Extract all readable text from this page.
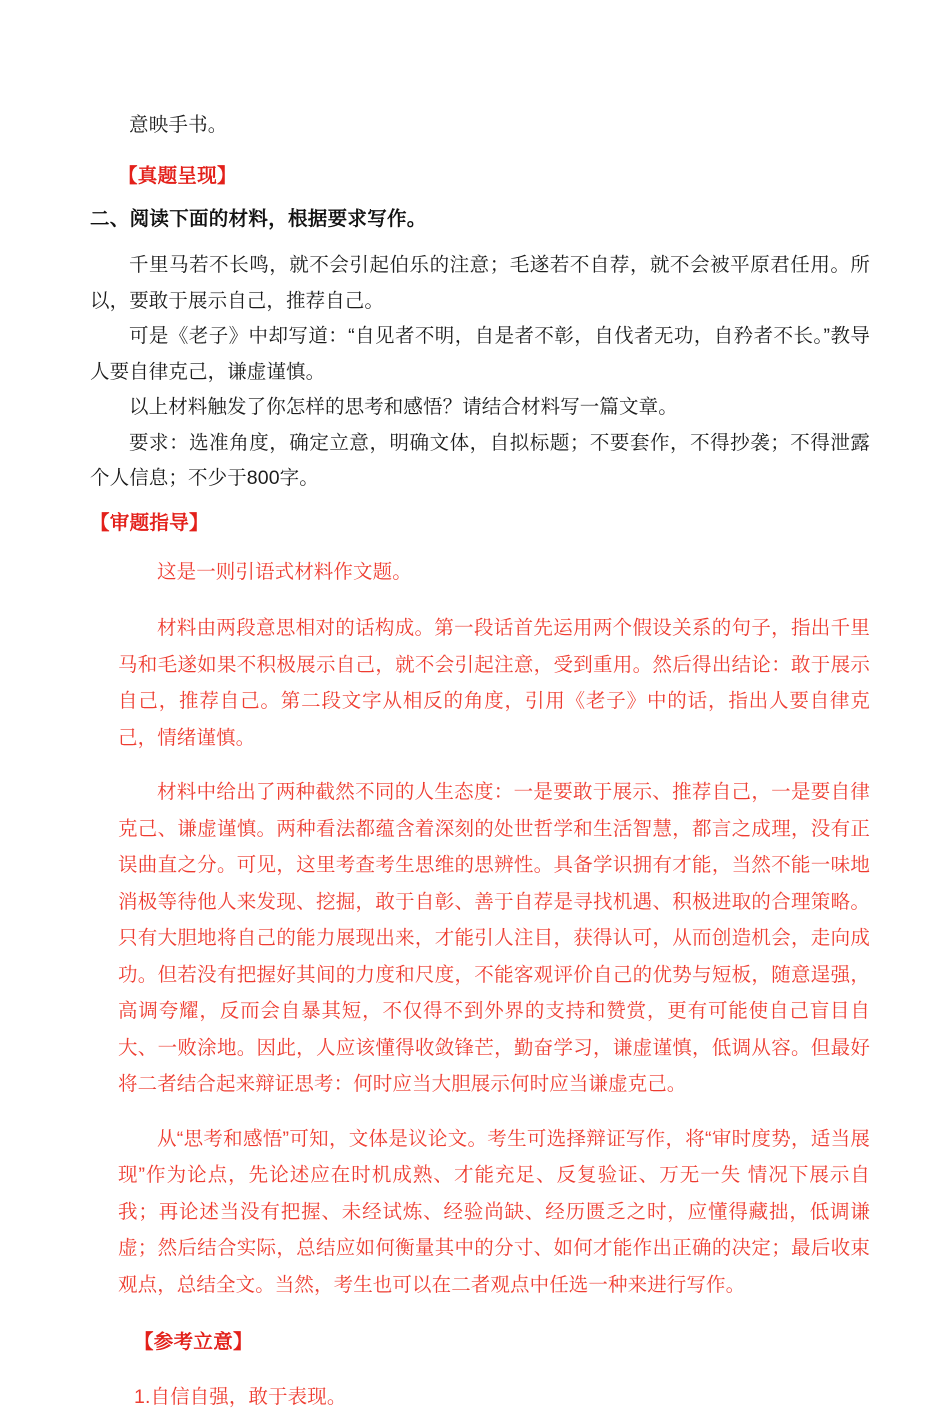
意映手书。

【真题呈现】

二、阅读下面的材料，根据要求写作。

千里马若不长鸣，就不会引起伯乐的注意；毛遂若不自荐，就不会被平原君任用。所以，要敢于展示自己，推荐自己。

可是《老子》中却写道：“自见者不明，自是者不彰，自伐者无功，自矜者不长。”教导人要自律克己，谦虚谨慎。

以上材料触发了你怎样的思考和感悟？请结合材料写一篇文章。

要求：选准角度，确定立意，明确文体，自拟标题；不要套作，不得抄袭；不得泄露个人信息；不少于800字。

【审题指导】

这是一则引语式材料作文题。

材料由两段意思相对的话构成。第一段话首先运用两个假设关系的句子，指出千里马和毛遂如果不积极展示自己，就不会引起注意，受到重用。然后得出结论：敢于展示自己，推荐自己。第二段文字从相反的角度，引用《老子》中的话，指出人要自律克己，情绪谨慎。

材料中给出了两种截然不同的人生态度：一是要敢于展示、推荐自己，一是要自律克己、谦虚谨慎。两种看法都蕴含着深刻的处世哲学和生活智慧，都言之成理，没有正误曲直之分。可见，这里考查考生思维的思辨性。具备学识拥有才能，当然不能一味地消极等待他人来发现、挖掘，敢于自彰、善于自荐是寻找机遇、积极进取的合理策略。只有大胆地将自己的能力展现出来，才能引人注目，获得认可，从而创造机会，走向成功。但若没有把握好其间的力度和尺度，不能客观评价自己的优势与短板，随意逞强，高调夸耀，反而会自暴其短，不仅得不到外界的支持和赞赏，更有可能使自己盲目自大、一败涂地。因此，人应该懂得收敛锋芒，勤奋学习，谦虚谨慎，低调从容。但最好将二者结合起来辩证思考：何时应当大胆展示何时应当谦虚克己。

从“思考和感悟”可知，文体是议论文。考生可选择辩证写作，将“审时度势，适当展现”作为论点，先论述应在时机成熟、才能充足、反复验证、万无一失 情况下展示自我；再论述当没有把握、未经试炼、经验尚缺、经历匮乏之时，应懂得藏拙，低调谦虚；然后结合实际，总结应如何衡量其中的分寸、如何才能作出正确的决定；最后收束观点，总结全文。当然，考生也可以在二者观点中任选一种来进行写作。

【参考立意】

1.自信自强，敢于表现。
